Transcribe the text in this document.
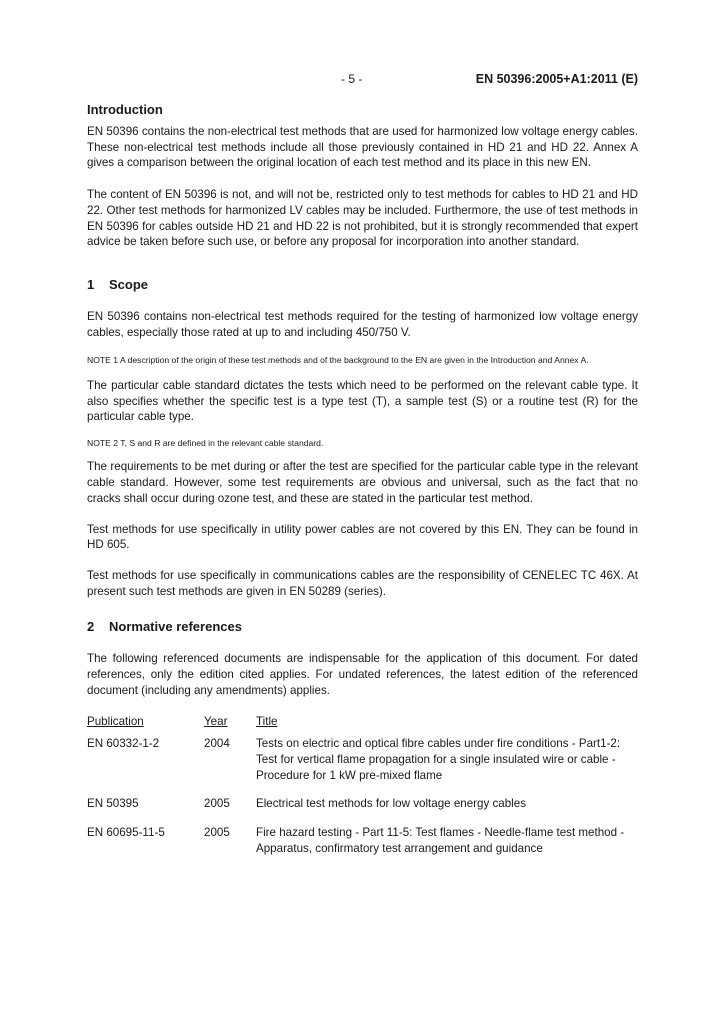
- 5 -	EN 50396:2005+A1:2011 (E)
Introduction

EN 50396 contains the non-electrical test methods that are used for harmonized low voltage energy cables. These non-electrical test methods include all those previously contained in HD 21 and HD 22. Annex A gives a comparison between the original location of each test method and its place in this new EN.

The content of EN 50396 is not, and will not be, restricted only to test methods for cables to HD 21 and HD 22. Other test methods for harmonized LV cables may be included. Furthermore, the use of test methods in EN 50396 for cables outside HD 21 and HD 22 is not prohibited, but it is strongly recommended that expert advice be taken before such use, or before any proposal for incorporation into another standard.

1 Scope

EN 50396 contains non-electrical test methods required for the testing of harmonized low voltage energy cables, especially those rated at up to and including 450/750 V.

NOTE 1 A description of the origin of these test methods and of the background to the EN are given in the Introduction and Annex A.

The particular cable standard dictates the tests which need to be performed on the relevant cable type. It also specifies whether the specific test is a type test (T), a sample test (S) or a routine test (R) for the particular cable type.

NOTE 2 T, S and R are defined in the relevant cable standard.

The requirements to be met during or after the test are specified for the particular cable type in the relevant cable standard. However, some test requirements are obvious and universal, such as the fact that no cracks shall occur during ozone test, and these are stated in the particular test method.

Test methods for use specifically in utility power cables are not covered by this EN. They can be found in HD 605.

Test methods for use specifically in communications cables are the responsibility of CENELEC TC 46X. At present such test methods are given in EN 50289 (series).

2 Normative references

The following referenced documents are indispensable for the application of this document. For dated references, only the edition cited applies. For undated references, the latest edition of the referenced document (including any amendments) applies.

Publication	Year	Title
EN 60332-1-2	2004	Tests on electric and optical fibre cables under fire conditions - Part1-2: Test for vertical flame propagation for a single insulated wire or cable - Procedure for 1 kW pre-mixed flame
EN 50395	2005	Electrical test methods for low voltage energy cables
EN 60695-11-5	2005	Fire hazard testing - Part 11-5: Test flames - Needle-flame test method - Apparatus, confirmatory test arrangement and guidance
